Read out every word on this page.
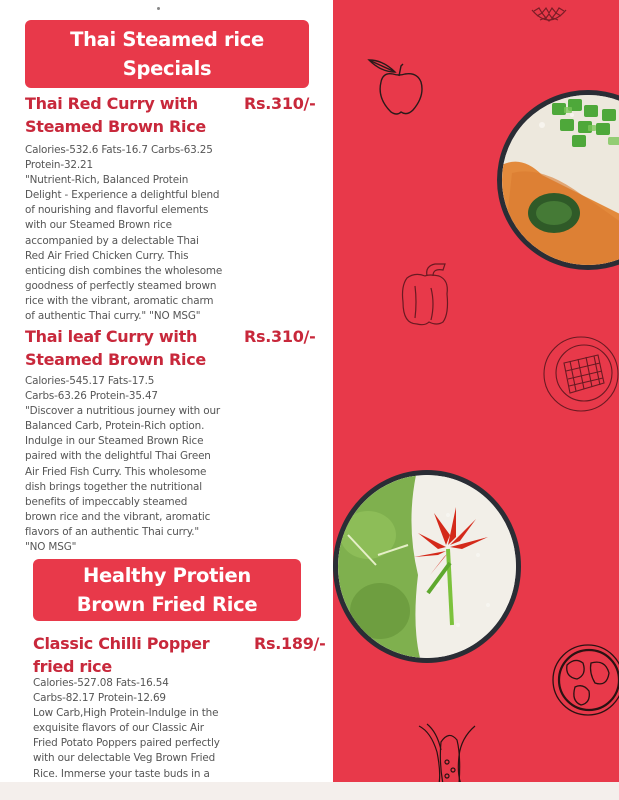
Thai Steamed rice
Specials
Thai Red Curry with
Steamed Brown Rice
Rs.310/-
Calories-532.6 Fats-16.7 Carbs-63.25
Protein-32.21
"Nutrient-Rich, Balanced Protein
Delight - Experience a delightful blend
of nourishing and flavorful elements
with our Steamed Brown rice
accompanied by a delectable Thai
Red Air Fried Chicken Curry. This
enticing dish combines the wholesome
goodness of perfectly steamed brown
rice with the vibrant, aromatic charm
of authentic Thai curry." "NO MSG"
Thai leaf Curry with
Steamed Brown Rice
Rs.310/-
Calories-545.17 Fats-17.5
Carbs-63.26 Protein-35.47
"Discover a nutritious journey with our
Balanced Carb, Protein-Rich option.
Indulge in our Steamed Brown Rice
paired with the delightful Thai Green
Air Fried Fish Curry. This wholesome
dish brings together the nutritional
benefits of impeccably steamed
brown rice and the vibrant, aromatic
flavors of an authentic Thai curry."
"NO MSG"
Healthy Protien
Brown Fried Rice
Classic Chilli Popper
fried rice
Rs.189/-
Calories-527.08 Fats-16.54
Carbs-82.17 Protein-12.69
Low Carb,High Protein-Indulge in the
exquisite flavors of our Classic Air
Fried Potato Poppers paired perfectly
with our delectable Veg Brown Fried
Rice. Immerse your taste buds in a
